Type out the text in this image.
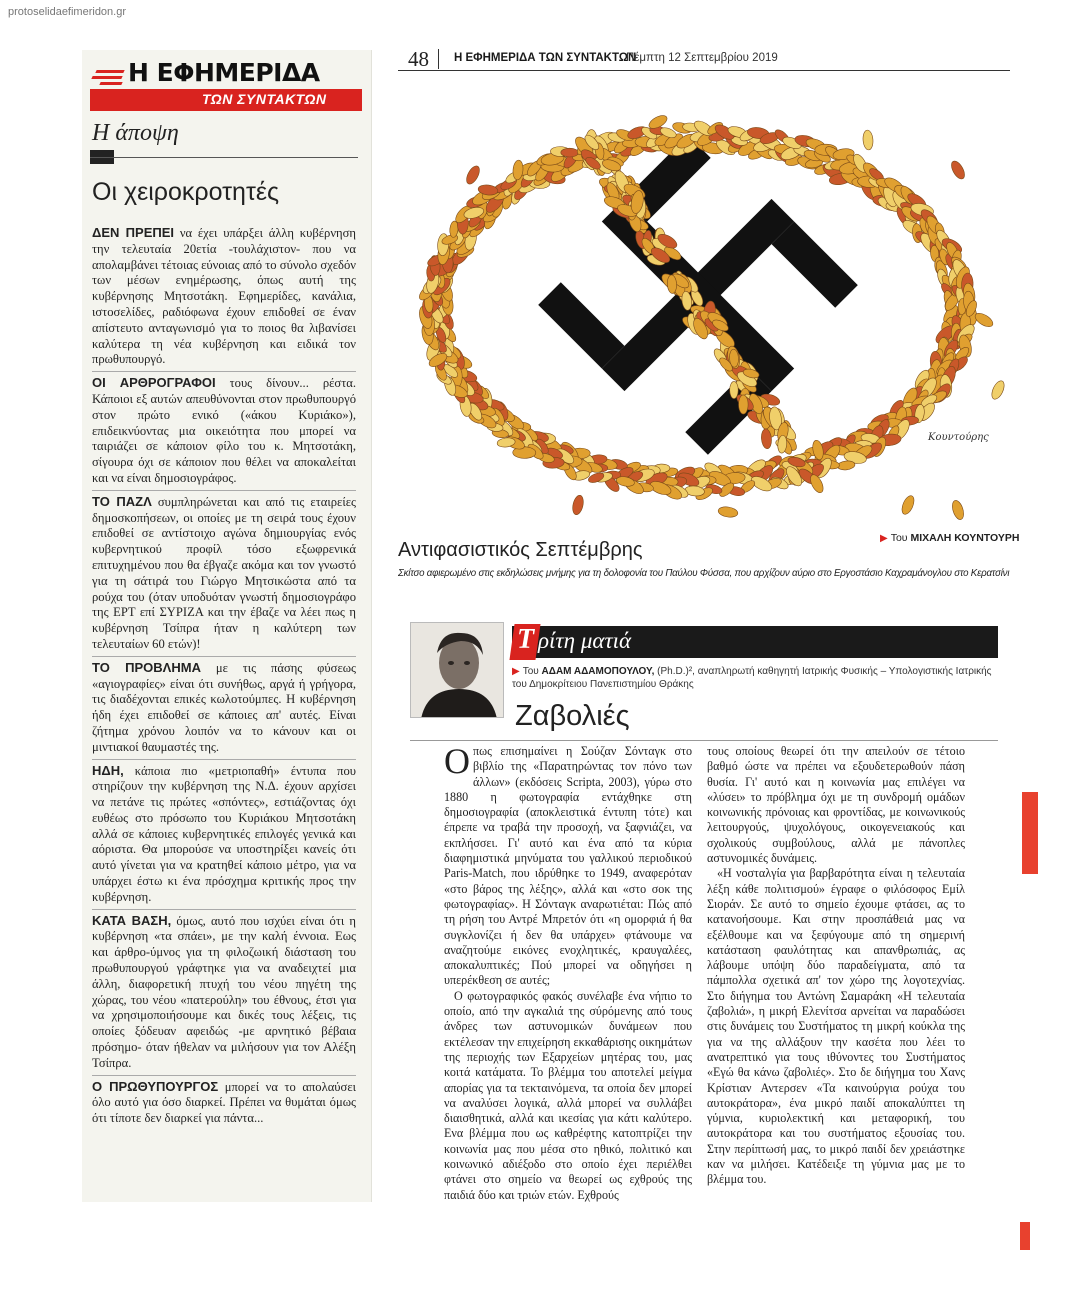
protoselidaefimeridon.gr
Η ΕΦΗΜΕΡΙΔΑ
ΤΩΝ ΣΥΝΤΑΚΤΩΝ
Η άποψη
Οι χειροκροτητές

ΔΕΝ ΠΡΕΠΕΙ να έχει υπάρξει άλλη κυβέρνηση την τελευταία 20ετία -τουλάχιστον- που να απολαμβάνει τέτοιας εύνοιας από το σύνολο σχεδόν των μέσων ενημέρωσης, όπως αυτή της κυβέρνησης Μητσοτάκη. Εφημερίδες, κανάλια, ιστοσελίδες, ραδιόφωνα έχουν επιδοθεί σε έναν απίστευτο ανταγωνισμό για το ποιος θα λιβανίσει καλύτερα τη νέα κυβέρνηση και ειδικά τον πρωθυπουργό.

ΟΙ ΑΡΘΡΟΓΡΑΦΟΙ τους δίνουν... ρέστα. Κάποιοι εξ αυτών απευθύνονται στον πρωθυπουργό στον πρώτο ενικό («άκου Κυριάκο»), επιδεικνύοντας μια οικειότητα που μπορεί να ταιριάζει σε κάποιον φίλο του κ. Μητσοτάκη, σίγουρα όχι σε κάποιον που θέλει να αποκαλείται και να είναι δημοσιογράφος.

ΤΟ ΠΑΖΛ συμπληρώνεται και από τις εταιρείες δημοσκοπήσεων, οι οποίες με τη σειρά τους έχουν επιδοθεί σε αντίστοιχο αγώνα δημιουργίας ενός κυβερνητικού προφίλ τόσο εξωφρενικά επιτυχημένου που θα έβγαζε ακόμα και τον γνωστό για τη σάτιρά του Γιώργο Μητσικώστα από τα ρούχα του (όταν υποδυόταν γνωστή δημοσιογράφο της ΕΡΤ επί ΣΥΡΙΖΑ και την έβαζε να λέει πως η κυβέρνηση Τσίπρα ήταν η καλύτερη των τελευταίων 60 ετών)!

ΤΟ ΠΡΟΒΛΗΜΑ με τις πάσης φύσεως «αγιογραφίες» είναι ότι συνήθως, αργά ή γρήγορα, τις διαδέχονται επικές κωλοτούμπες. Η κυβέρνηση ήδη έχει επιδοθεί σε κάποιες απ' αυτές. Είναι ζήτημα χρόνου λοιπόν να το κάνουν και οι μιντιακοί θαυμαστές της.

ΗΔΗ, κάποια πιο «μετριοπαθή» έντυπα που στηρίζουν την κυβέρνηση της Ν.Δ. έχουν αρχίσει να πετάνε τις πρώτες «σπόντες», εστιάζοντας όχι ευθέως στο πρόσωπο του Κυριάκου Μητσοτάκη αλλά σε κάποιες κυβερνητικές επιλογές γενικά και αόριστα. Θα μπορούσε να υποστηρίξει κανείς ότι αυτό γίνεται για να κρατηθεί κάποιο μέτρο, για να υπάρχει έστω κι ένα πρόσχημα κριτικής προς την κυβέρνηση.

ΚΑΤΑ ΒΑΣΗ, όμως, αυτό που ισχύει είναι ότι η κυβέρνηση «τα σπάει», με την καλή έννοια. Εως και άρθρο-ύμνος για τη φιλοζωική διάσταση του πρωθυπουργού γράφτηκε για να αναδειχτεί μια άλλη, διαφορετική πτυχή του νέου πηγέτη της χώρας, του νέου «πατερούλη» του έθνους, έτσι για να χρησιμοποιήσουμε και δικές τους λέξεις, τις οποίες ξόδευαν αφειδώς -με αρνητικό βέβαια πρόσημο- όταν ήθελαν να μιλήσουν για τον Αλέξη Τσίπρα.

Ο ΠΡΩΘΥΠΟΥΡΓΟΣ μπορεί να το απολαύσει όλο αυτό για όσο διαρκεί. Πρέπει να θυμάται όμως ότι τίποτε δεν διαρκεί για πάντα...

48 Η ΕΦΗΜΕΡΙΔΑ ΤΩΝ ΣΥΝΤΑΚΤΩΝ
Πέμπτη 12 Σεπτεμβρίου 2019
Κουντούρης
▶ Του ΜΙΧΑΛΗ ΚΟΥΝΤΟΥΡΗ
Αντιφασιστικός Σεπτέμβρης
Σκίτσο αφιερωμένο στις εκδηλώσεις μνήμης για τη δολοφονία του Παύλου Φύσσα, που αρχίζουν αύριο στο Εργοστάσιο Καχραμάνογλου στο Κερατσίνι
Τ ρίτη ματιά
▶ Του ΑΔΑΜ ΑΔΑΜΟΠΟΥΛΟΥ, (Ph.D.)², αναπληρωτή καθηγητή Ιατρικής Φυσικής – Υπολογιστικής Ιατρικής του Δημοκρίτειου Πανεπιστημίου Θράκης
Ζαβολιές

Οπως επισημαίνει η Σούζαν Σόνταγκ στο βιβλίο της «Παρατηρώντας τον πόνο των άλλων» (εκδόσεις Scripta, 2003), γύρω στο 1880 η φωτογραφία εντάχθηκε στη δημοσιογραφία (αποκλειστικά έντυπη τότε) και έπρεπε να τραβά την προσοχή, να ξαφνιάζει, να εκπλήσσει. Γι' αυτό και ένα από τα κύρια διαφημιστικά μηνύματα του γαλλικού περιοδικού Paris-Match, που ιδρύθηκε το 1949, αναφερόταν «στο βάρος της λέξης», αλλά και «στο σοκ της φωτογραφίας». Η Σόνταγκ αναρωτιέται: Πώς από τη ρήση του Αντρέ Μπρετόν ότι «η ομορφιά ή θα συγκλονίζει ή δεν θα υπάρχει» φτάνουμε να αναζητούμε εικόνες ενοχλητικές, κραυγαλέες, αποκαλυπτικές; Πού μπορεί να οδηγήσει η υπερέκθεση σε αυτές;

Ο φωτογραφικός φακός συνέλαβε ένα νήπιο το οποίο, από την αγκαλιά της σύρόμενης από τους άνδρες των αστυνομικών δυνάμεων που εκτέλεσαν την επιχείρηση εκκαθάρισης οικημάτων της περιοχής των Εξαρχείων μητέρας του, μας κοιτά κατάματα. Το βλέμμα του αποτελεί μείγμα απορίας για τα τεκταινόμενα, τα οποία δεν μπορεί να αναλύσει λογικά, αλλά μπορεί να συλλάβει διαισθητικά, αλλά και ικεσίας για κάτι καλύτερο. Ενα βλέμμα που ως καθρέφτης κατοπτρίζει την κοινωνία μας που μέσα στο ηθικό, πολιτικό και κοινωνικό αδιέξοδο στο οποίο έχει περιέλθει φτάνει στο σημείο να θεωρεί ως εχθρούς της παιδιά δύο και τριών ετών. Εχθρούς

τους οποίους θεωρεί ότι την απειλούν σε τέτοιο βαθμό ώστε να πρέπει να εξουδετερωθούν πάση θυσία. Γι' αυτό και η κοινωνία μας επιλέγει να «λύσει» το πρόβλημα όχι με τη συνδρομή ομάδων κοινωνικής πρόνοιας και φροντίδας, με κοινωνικούς λειτουργούς, ψυχολόγους, οικογενειακούς και σχολικούς συμβούλους, αλλά με πάνοπλες αστυνομικές δυνάμεις.

«Η νοσταλγία για βαρβαρότητα είναι η τελευταία λέξη κάθε πολιτισμού» έγραφε ο φιλόσοφος Εμίλ Σιοράν. Σε αυτό το σημείο έχουμε φτάσει, ας το κατανοήσουμε. Και στην προσπάθειά μας να εξέλθουμε και να ξεφύγουμε από τη σημερινή κατάσταση φαυλότητας και απανθρωπιάς, ας λάβουμε υπόψη δύο παραδείγματα, από τα πάμπολλα σχετικά απ' τον χώρο της λογοτεχνίας. Στο διήγημα του Αντώνη Σαμαράκη «Η τελευταία ζαβολιά», η μικρή Ελενίτσα αρνείται να παραδώσει στις δυνάμεις του Συστήματος τη μικρή κούκλα της για να της αλλάξουν την κασέτα που λέει το ανατρεπτικό για τους ιθύνοντες του Συστήματος «Εγώ θα κάνω ζαβολιές». Στο δε διήγημα του Χανς Κρίστιαν Αντερσεν «Τα καινούργια ρούχα του αυτοκράτορα», ένα μικρό παιδί αποκαλύπτει τη γύμνια, κυριολεκτική και μεταφορική, του αυτοκράτορα και του συστήματος εξουσίας του. Στην περίπτωσή μας, το μικρό παιδί δεν χρειάστηκε καν να μιλήσει. Κατέδειξε τη γύμνια μας με το βλέμμα του.
